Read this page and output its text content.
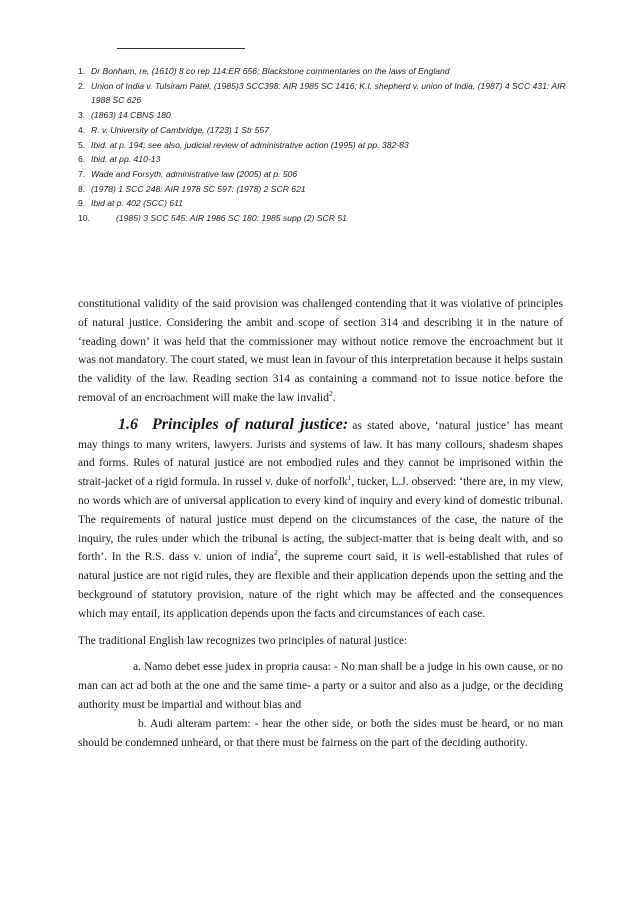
1. Dr Bonham, re, (1610) 8 co rep 114:ER 656; Blackstone commentaries on the laws of England
2. Union of India v. Tulsiram Patel, (1985)3 SCC398: AIR 1985 SC 1416; K.I. shepherd v. union of India, (1987) 4 SCC 431: AIR 1988 SC 626
3. (1863) 14 CBNS 180
4. R. v. University of Cambridge, (1723) 1 Str 557
5. Ibid. at p. 194; see also, judicial review of administrative action (1995) at pp. 382-83
6. Ibid. at pp. 410-13
7. Wade and Forsyth, administrative law (2005) at p. 506
8. (1978) 1 SCC 248: AIR 1978 SC 597: (1978) 2 SCR 621
9. Ibid at p. 402 (SCC) 611
10.	(1985) 3 SCC 545: AIR 1986 SC 180: 1985 supp (2) SCR 51

constitutional validity of the said provision was challenged contending that it was violative of principles of natural justice. Considering the ambit and scope of section 314 and describing it in the nature of ‘reading down’ it was held that the commissioner may without notice remove the encroachment but it was not mandatory. The court stated, we must lean in favour of this interpretation because it helps sustain the validity of the law. Reading section 314 as containing a command not to issue notice before the removal of an encroachment will make the law invalid$^2$.

1.6 Principles of natural justice: as stated above, ‘natural justice’ has meant may things to many writers, lawyers. Jurists and systems of law. It has many collours, shadesm shapes and forms. Rules of natural justice are not embodied rules and they cannot be imprisoned within the strait-jacket of a rigid formula. In russel v. duke of norfolk$^1$, tucker, L.J. observed: ‘there are, in my view, no words which are of universal application to every kind of inquiry and every kind of domestic tribunal. The requirements of natural justice must depend on the circumstances of the case, the nature of the inquiry, the rules under which the tribunal is acting, the subject-matter that is being dealt with, and so forth’. In the R.S. dass v. union of india$^2$, the supreme court said, it is well-established that rules of natural justice are not rigid rules, they are flexible and their application depends upon the setting and the beckground of statutory provision, nature of the right which may be affected and the consequences which may entail, its application depends upon the facts and circumstances of each case.

The traditional English law recognizes two principles of natural justice:

a. Namo debet esse judex in propria causa: - No man shall be a judge in his own cause, or no man can act ad both at the one and the same time- a party or a suitor and also as a judge, or the deciding authority must be impartial and without bias and

b. Audi alteram partem: - hear the other side, or both the sides must be heard, or no man should be condemned unheard, or that there must be fairness on the part of the deciding authority.
